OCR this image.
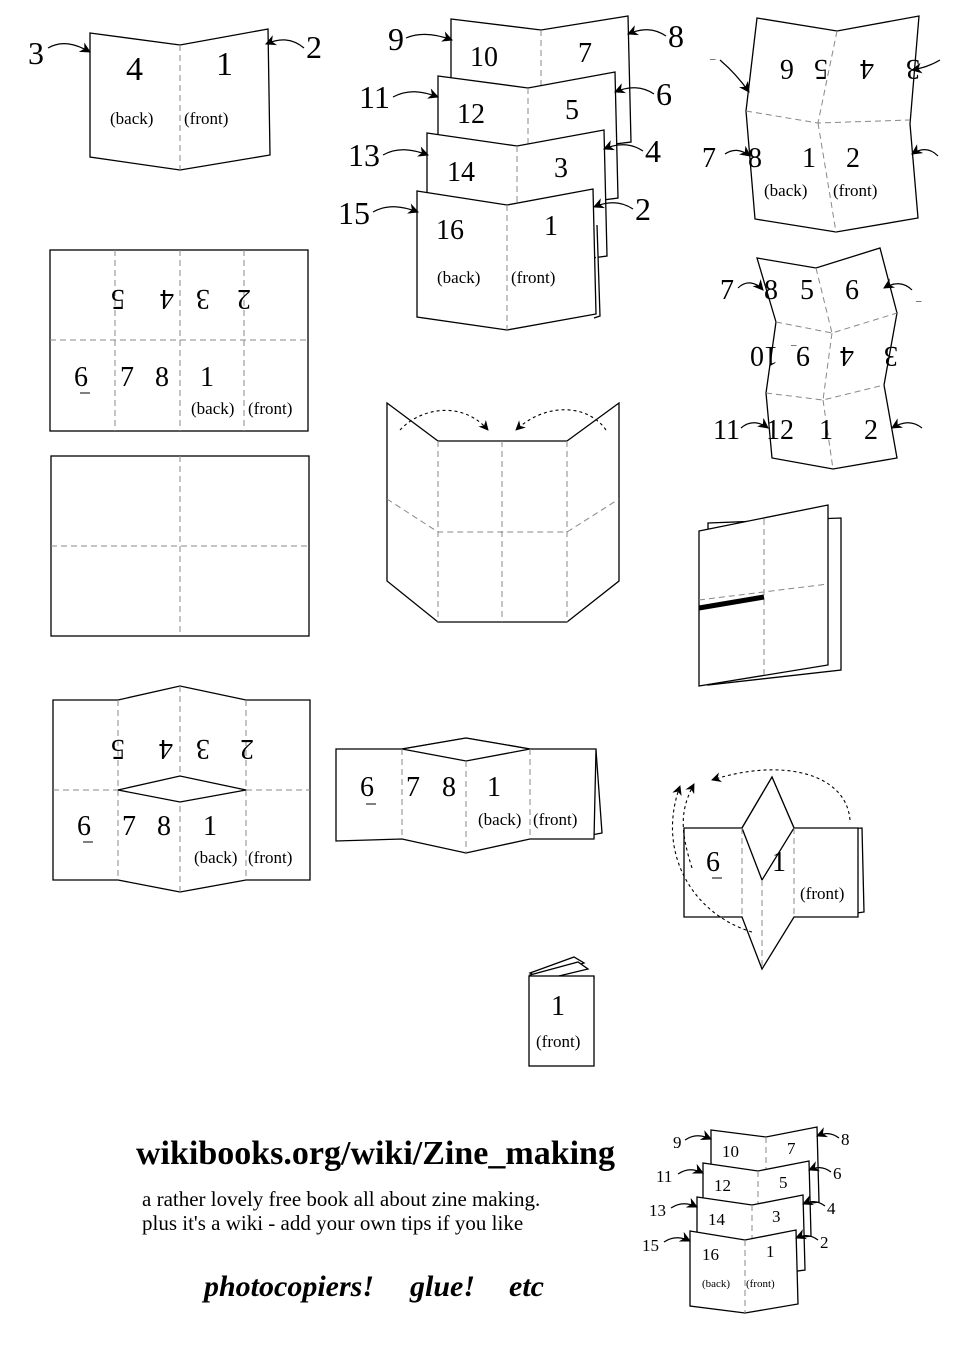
4 1
(back) (front)
3	2	10	7
12	5
14	3
16	1
(back) (front)
9
11
13
15
8
6
4
2
3
4
5
6
_
7 8 1 2
(back) (front)
7 8 5 6	_
3
4
9
10 _
11 12 1 2
2
3
4
5
6 7 8 1
(back) (front)
2
3
4
5
6 7 8 1
(back) (front)
6 7 8 1
(back) (front)
6 1
(front)
1
(front)
wikibooks.org/wiki/Zine_making
a rather lovely free book all about zine making.
plus it's a wiki - add your own tips if you like
photocopiers! glue! etc
10	7
12	5
14	3
16	1
(back) (front)
9
11
13
15
8
6
4
2
